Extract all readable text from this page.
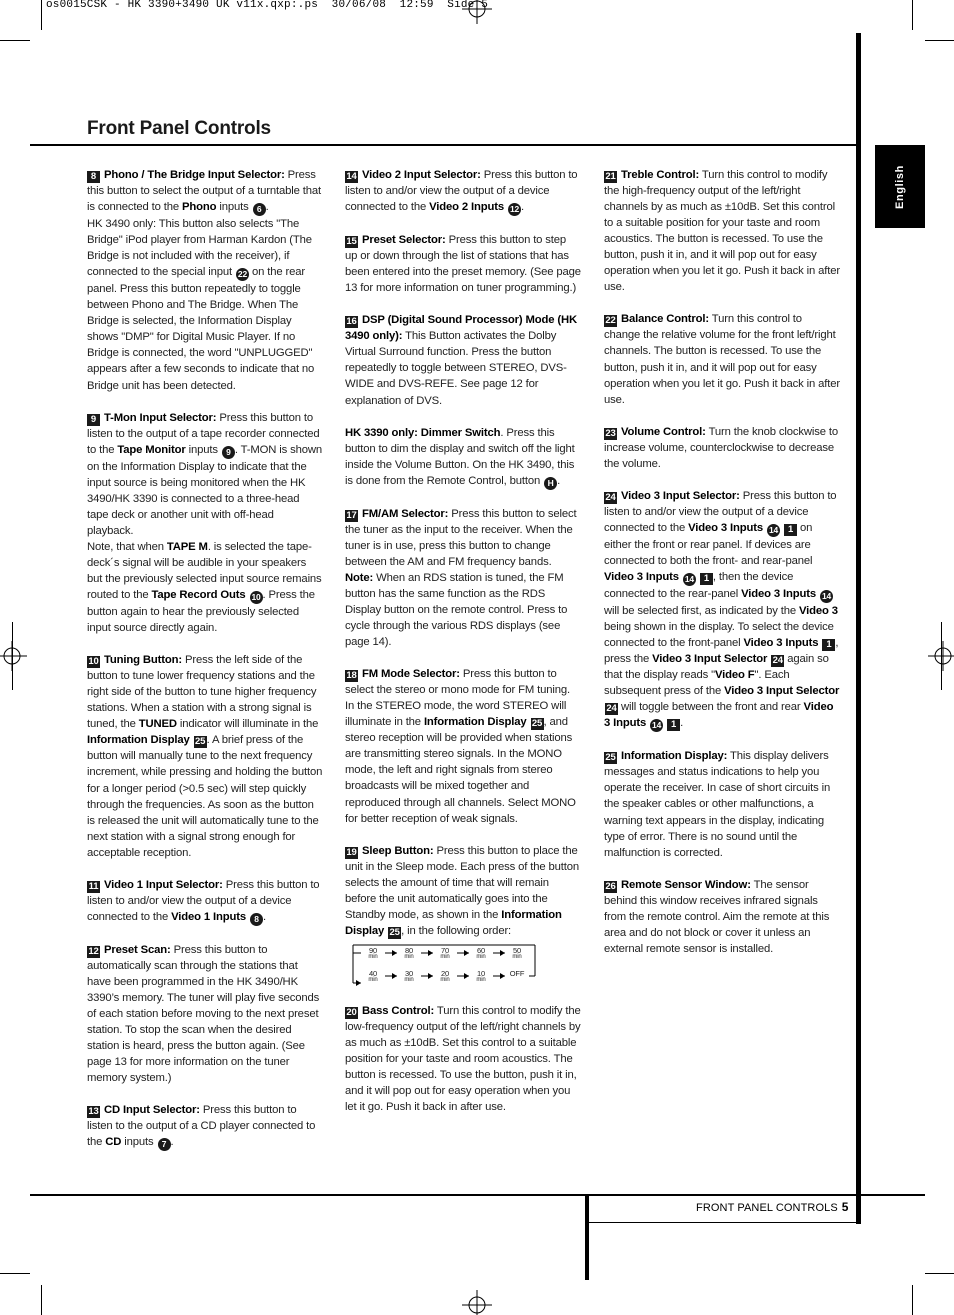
os0015CSK - HK 3390+3490 UK v11x.qxp:.ps  30/06/08  12:59  Side 5
Front Panel Controls
English
8 Phono / The Bridge Input Selector: Press this button to select the output of a turntable that is connected to the Phono inputs 6 .
HK 3490 only: This button also selects "The Bridge" iPod player from Harman Kardon (The Bridge is not included with the receiver), if connected to the special input 22 on the rear panel. Press this button repeatedly to toggle between Phono and The Bridge. When The Bridge is selected, the Information Display shows "DMP" for Digital Music Player. If no Bridge is connected, the word "UNPLUGGED" appears after a few seconds to indicate that no Bridge unit has been detected.
9 T-Mon Input Selector: Press this button to listen to the output of a tape recorder connected to the Tape Monitor inputs 9 . T-MON is shown on the Information Display to indicate that the input source is being monitored when the HK 3490/HK 3390 is connected to a three-head tape deck or another unit with off-head playback.
Note, that when TAPE M. is selected the tape-deck´s signal will be audible in your speakers but the previously selected input source remains routed to the Tape Record Outs 10 . Press the button again to hear the previously selected input source directly again.
10 Tuning Button: Press the left side of the button to tune lower frequency stations and the right side of the button to tune higher frequency stations. When a station with a strong signal is tuned, the TUNED indicator will illuminate in the Information Display 25. A brief press of the button will manually tune to the next frequency increment, while pressing and holding the button for a longer period (>0.5 sec) will step quickly through the frequencies. As soon as the button is released the unit will automatically tune to the next station with a signal strong enough for acceptable reception.
11 Video 1 Input Selector: Press this button to listen to and/or view the output of a device connected to the Video 1 Inputs 8 .
12 Preset Scan: Press this button to automatically scan through the stations that have been programmed in the HK 3490/HK 3390’s memory. The tuner will play five seconds of each station before moving to the next preset station. To stop the scan when the desired station is heard, press the button again. (See page 13 for more information on the tuner memory system.)
13 CD Input Selector: Press this button to listen to the output of a CD player connected to the CD inputs 7 .
14 Video 2 Input Selector: Press this button to listen to and/or view the output of a device connected to the Video 2 Inputs 12 .
15 Preset Selector: Press this button to step up or down through the list of stations that has been entered into the preset memory. (See page 13 for more information on tuner programming.)
16 DSP (Digital Sound Processor) Mode (HK 3490 only): This Button activates the Dolby Virtual Surround function. Press the button repeatedly to toggle between STEREO, DVS-WIDE and DVS-REFE. See page 12 for explanation of DVS.
HK 3390 only: Dimmer Switch. Press this button to dim the display and switch off the light inside the Volume Button. On the HK 3490, this is done from the Remote Control, button H .
17 FM/AM Selector: Press this button to select the tuner as the input to the receiver. When the tuner is in use, press this button to change between the AM and FM frequency bands.
Note: When an RDS station is tuned, the FM button has the same function as the RDS Display button on the remote control. Press to cycle through the various RDS displays (see page 14).
18 FM Mode Selector: Press this button to select the stereo or mono mode for FM tuning. In the STEREO mode, the word STEREO will illuminate in the Information Display 25, and stereo reception will be provided when stations are transmitting stereo signals. In the MONO mode, the left and right signals from stereo broadcasts will be mixed together and reproduced through all channels. Select MONO for better reception of weak signals.
19 Sleep Button: Press this button to place the unit in the Sleep mode. Each press of the button selects the amount of time that will remain before the unit automatically goes into the Standby mode, as shown in the Information Display 25, in the following order:
90
min
80
min
70
min
60
min
50
min
40
min
30
min
20
min
10
min
OFF
20 Bass Control: Turn this control to modify the low-frequency output of the left/right channels by as much as ±10dB. Set this control to a suitable position for your taste and room acoustics. The button is recessed. To use the button, push it in, and it will pop out for easy operation when you let it go. Push it back in after use.
21 Treble Control: Turn this control to modify the high-frequency output of the left/right channels by as much as ±10dB. Set this control to a suitable position for your taste and room acoustics. The button is recessed. To use the button, push it in, and it will pop out for easy operation when you let it go. Push it back in after use.
22 Balance Control: Turn this control to change the relative volume for the front left/right channels. The button is recessed. To use the button, push it in, and it will pop out for easy operation when you let it go. Push it back in after use.
23 Volume Control: Turn the knob clockwise to increase volume, counterclockwise to decrease the volume.
24 Video 3 Input Selector: Press this button to listen to and/or view the output of a device connected to the Video 3 Inputs 14 1 on either the front or rear panel. If devices are connected to both the front- and rear-panel Video 3 Inputs 14 1 , then the device connected to the rear-panel Video 3 Inputs 14 will be selected first, as indicated by the Video 3 being shown in the display. To select the device connected to the front-panel Video 3 Inputs 1 , press the Video 3 Input Selector 24 again so that the display reads "Video F". Each subsequent press of the Video 3 Input Selector 24 will toggle between the front and rear Video 3 Inputs 14 1 .
25 Information Display: This display delivers messages and status indications to help you operate the receiver. In case of short circuits in the speaker cables or other malfunctions, a warning text appears in the display, indicating type of error. There is no sound until the malfunction is corrected.
26 Remote Sensor Window: The sensor behind this window receives infrared signals from the remote control. Aim the remote at this area and do not block or cover it unless an external remote sensor is installed.
FRONT PANEL CONTROLS 5
